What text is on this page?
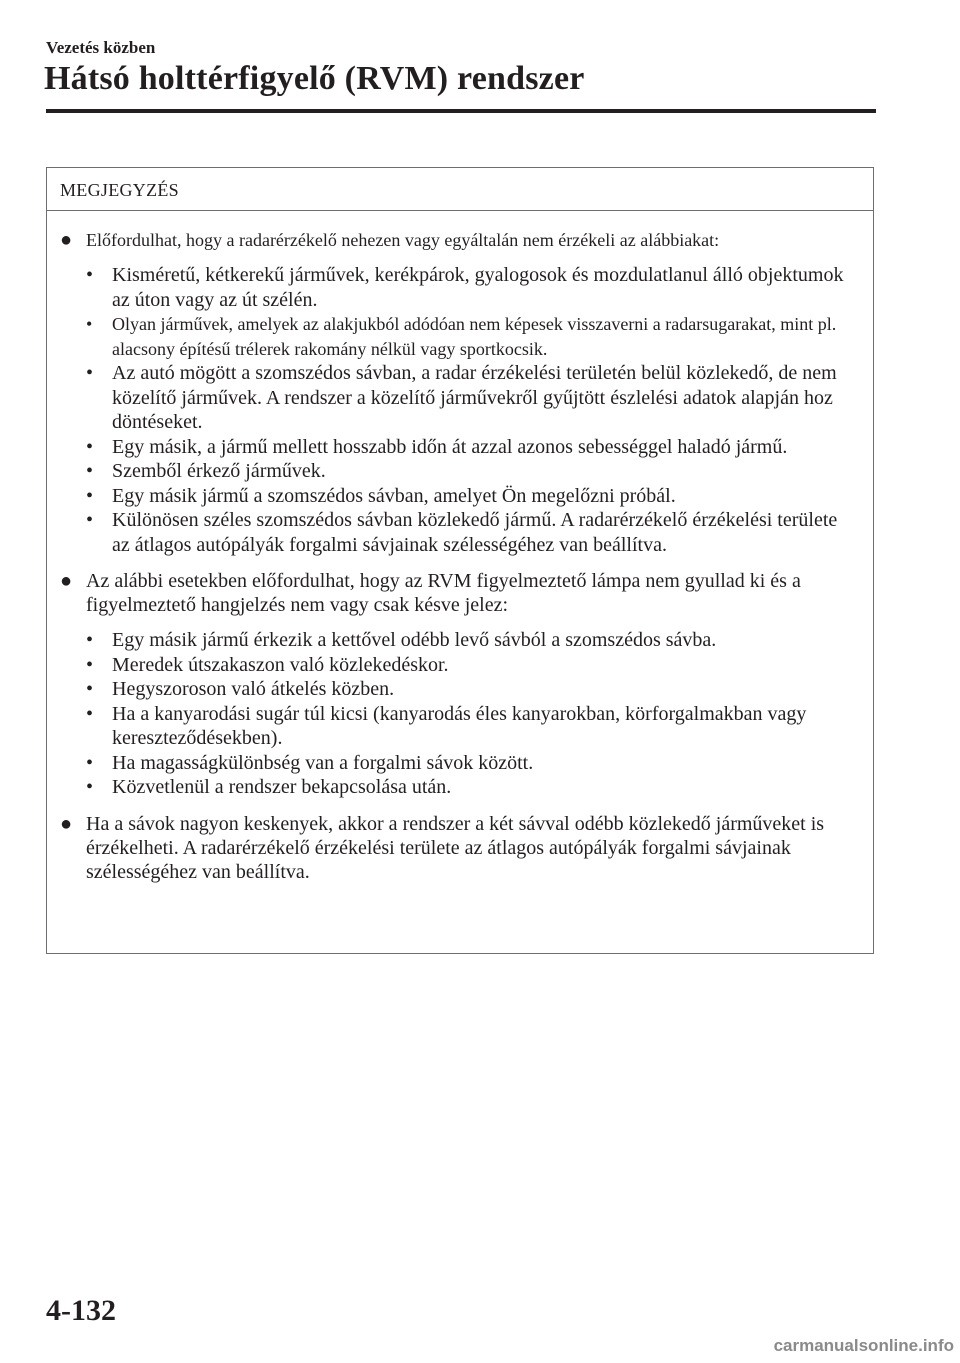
Vezetés közben
Hátsó holttérfigyelő (RVM) rendszer
MEGJEGYZÉS
● Előfordulhat, hogy a radarérzékelő nehezen vagy egyáltalán nem érzékeli az alábbiakat:
• Kisméretű, kétkerekű járművek, kerékpárok, gyalogosok és mozdulatlanul álló objektumok az úton vagy az út szélén.
• Olyan járművek, amelyek az alakjukból adódóan nem képesek visszaverni a radarsugarakat, mint pl. alacsony építésű trélerek rakomány nélkül vagy sportkocsik.
• Az autó mögött a szomszédos sávban, a radar érzékelési területén belül közlekedő, de nem közelítő járművek. A rendszer a közelítő járművekről gyűjtött észlelési adatok alapján hoz döntéseket.
• Egy másik, a jármű mellett hosszabb időn át azzal azonos sebességgel haladó jármű.
• Szemből érkező járművek.
• Egy másik jármű a szomszédos sávban, amelyet Ön megelőzni próbál.
• Különösen széles szomszédos sávban közlekedő jármű. A radarérzékelő érzékelési területe az átlagos autópályák forgalmi sávjainak szélességéhez van beállítva.
● Az alábbi esetekben előfordulhat, hogy az RVM figyelmeztető lámpa nem gyullad ki és a figyelmeztető hangjelzés nem vagy csak késve jelez:
• Egy másik jármű érkezik a kettővel odébb levő sávból a szomszédos sávba.
• Meredek útszakaszon való közlekedéskor.
• Hegyszoroson való átkelés közben.
• Ha a kanyarodási sugár túl kicsi (kanyarodás éles kanyarokban, körforgalmakban vagy kereszteződésekben).
• Ha magasságkülönbség van a forgalmi sávok között.
• Közvetlenül a rendszer bekapcsolása után.
● Ha a sávok nagyon keskenyek, akkor a rendszer a két sávval odébb közlekedő járműveket is érzékelheti. A radarérzékelő érzékelési területe az átlagos autópályák forgalmi sávjainak szélességéhez van beállítva.
4-132
carmanualsonline.info
